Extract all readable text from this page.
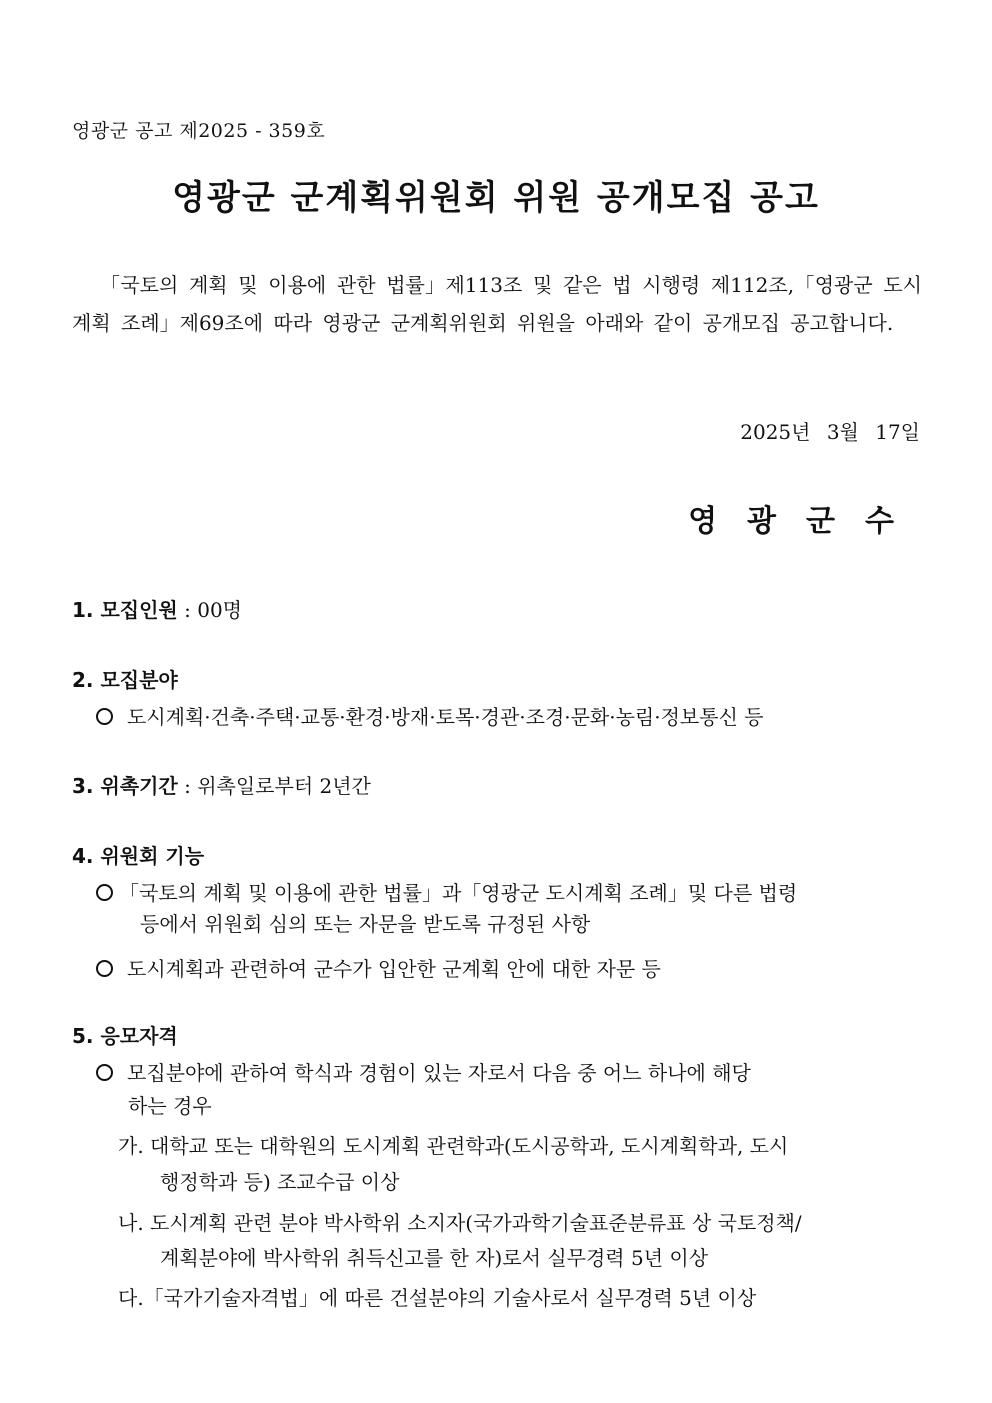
영광군 공고 제2025 - 359호
영광군 군계획위원회 위원 공개모집 공고
「국토의 계획 및 이용에 관한 법률」제113조 및 같은 법 시행령 제112조,「영광군 도시계획 조례」제69조에 따라 영광군 군계획위원회 위원을 아래와 같이 공개모집 공고합니다.
2025년 3월 17일
영광군수
1. 모집인원 : 00명
2. 모집분야
도시계획·건축·주택·교통·환경·방재·토목·경관·조경·문화·농림·정보통신 등
3. 위촉기간 : 위촉일로부터 2년간
4. 위원회 기능
「국토의 계획 및 이용에 관한 법률」과「영광군 도시계획 조례」및 다른 법령
등에서 위원회 심의 또는 자문을 받도록 규정된 사항
도시계획과 관련하여 군수가 입안한 군계획 안에 대한 자문 등
5. 응모자격
모집분야에 관하여 학식과 경험이 있는 자로서 다음 중 어느 하나에 해당
하는 경우
가. 대학교 또는 대학원의 도시계획 관련학과(도시공학과, 도시계획학과, 도시
행정학과 등) 조교수급 이상
나. 도시계획 관련 분야 박사학위 소지자(국가과학기술표준분류표 상 국토정책/
계획분야에 박사학위 취득신고를 한 자)로서 실무경력 5년 이상
다.「국가기술자격법」에 따른 건설분야의 기술사로서 실무경력 5년 이상
